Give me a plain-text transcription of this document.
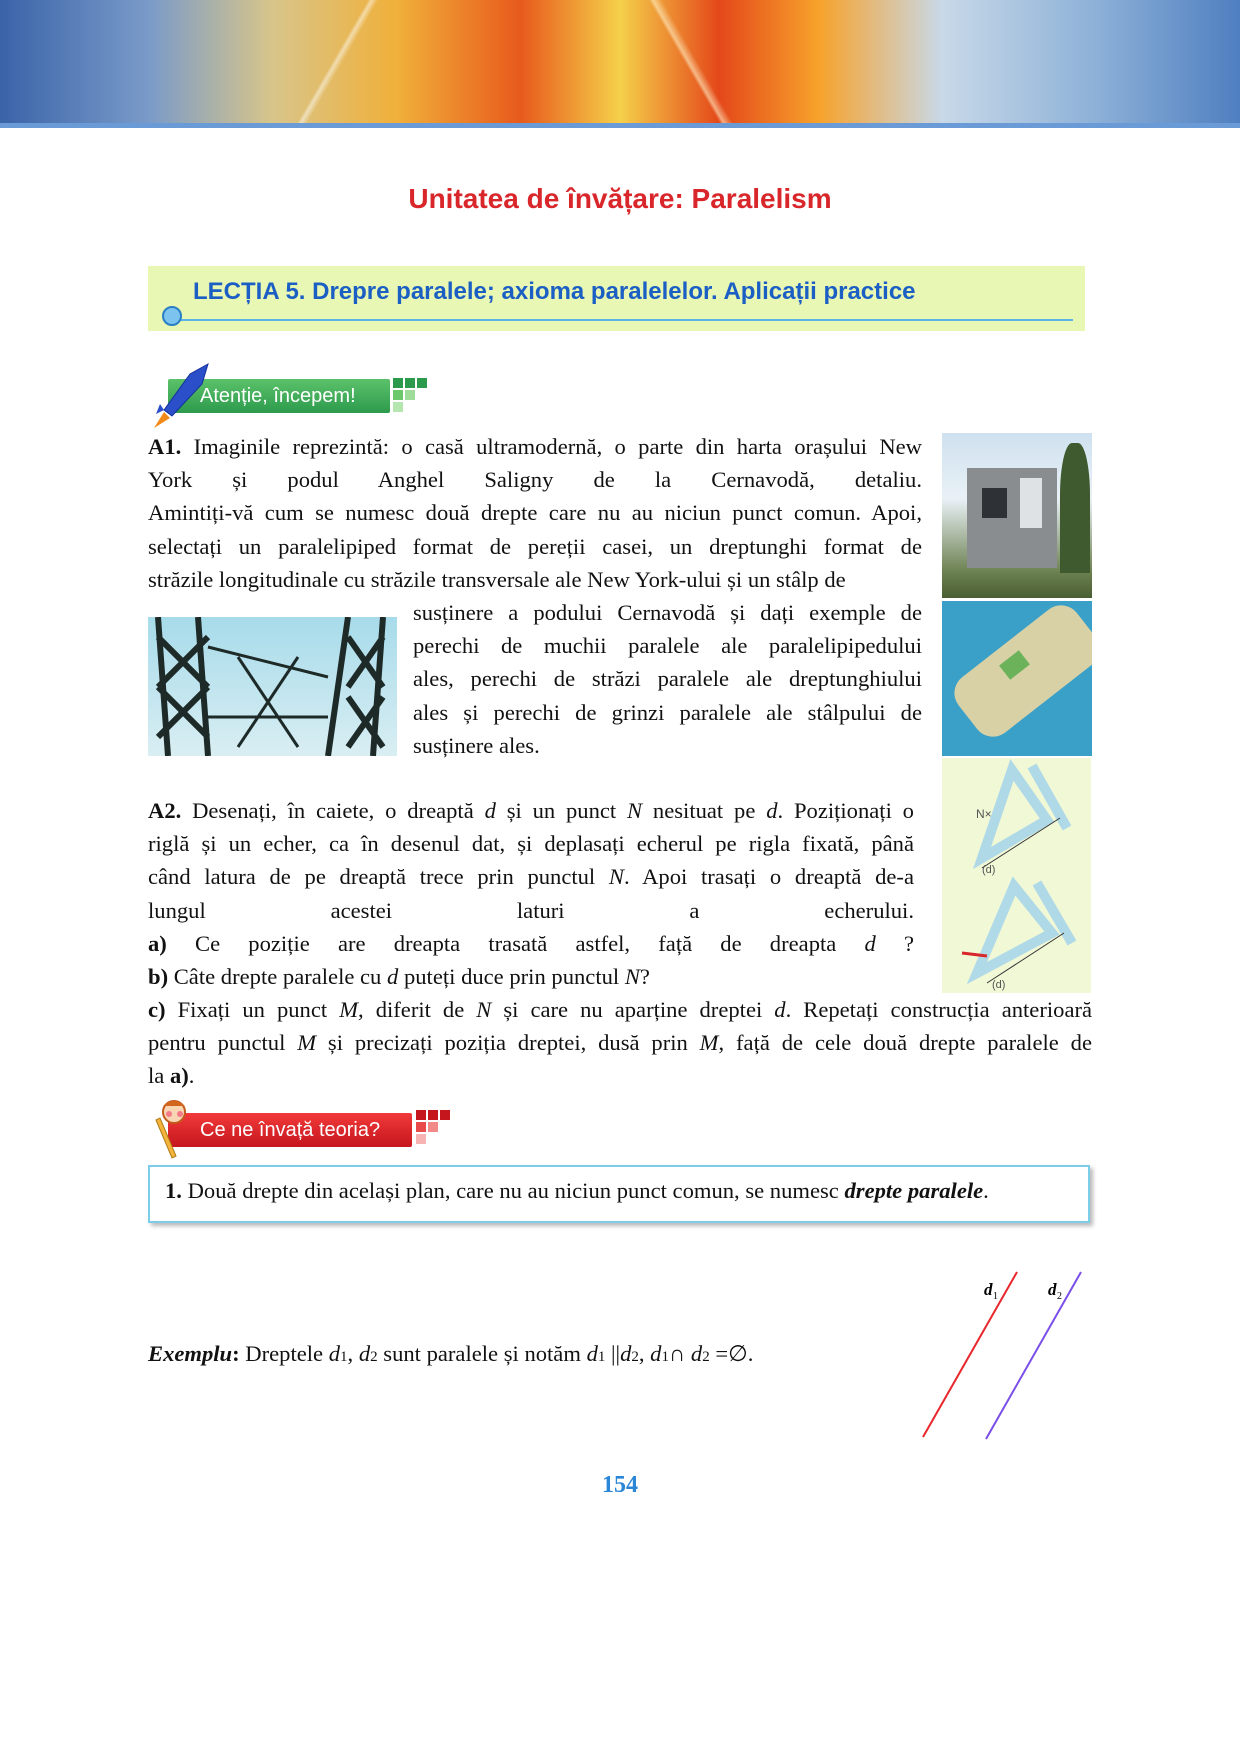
Unitatea de învățare: Paralelism
LECȚIA 5. Drepre paralele; axioma paralelelor. Aplicații practice
Atenție, începem!
A1. Imaginile reprezintă: o casă ultramodernă, o parte din harta orașului New
York și podul Anghel Saligny de la Cernavodă, detaliu.
Amintiți-vă cum se numesc două drepte care nu au niciun punct comun. Apoi,
selectați un paralelipiped format de pereții casei, un dreptunghi format de
străzile longitudinale cu străzile transversale ale New York-ului și un stâlp de
susținere a podului Cernavodă și dați exemple de
perechi de muchii paralele ale paralelipipedului
ales, perechi de străzi paralele ale dreptunghiului
ales și perechi de grinzi paralele ale stâlpului de
susținere ales.
A2. Desenați, în caiete, o dreaptă d și un punct N nesituat pe d. Poziționați o
riglă și un echer, ca în desenul dat, și deplasați echerul pe rigla fixată, până
când latura de pe dreaptă trece prin punctul N. Apoi trasați o dreaptă de-a
lungul acestei laturi a echerului.
a) Ce poziție are dreapta trasată astfel, față de dreapta d ?
b) Câte drepte paralele cu d puteți duce prin punctul N?
c) Fixați un punct M, diferit de N și care nu aparține dreptei d. Repetați construcția anterioară
pentru punctul M și precizați poziția dreptei, dusă prin M, față de cele două drepte paralele de
la a).
N×
(d)
(d)
Ce ne învață teoria?
1. Două drepte din același plan, care nu au niciun punct comun, se numesc drepte paralele.
Exemplu: Dreptele d1, d2 sunt paralele și notăm d1 ||d2, d1∩ d2 =∅.
d 1	d 2
154
